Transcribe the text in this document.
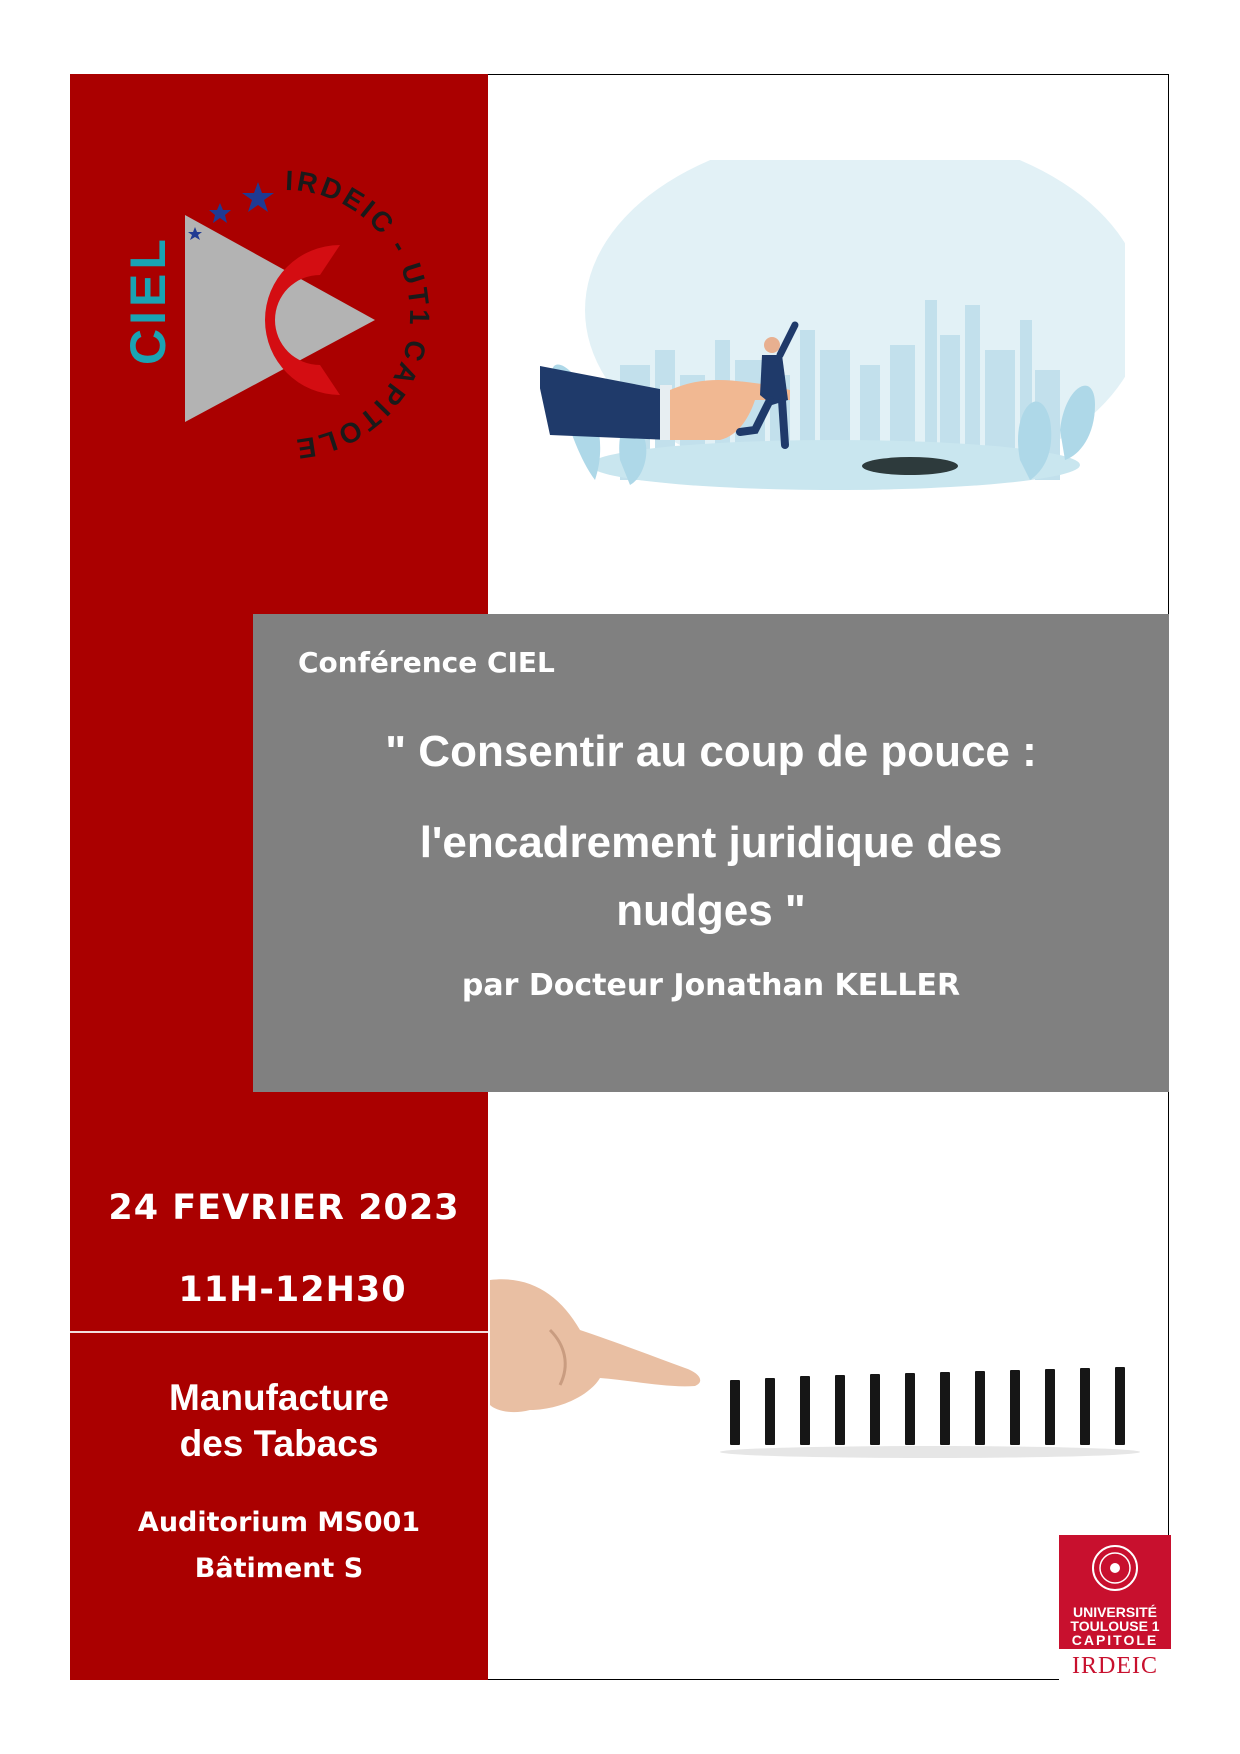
CIEL
IRDEIC - UT1 CAPITOLE
Conférence CIEL
" Consentir au coup de pouce :
l'encadrement juridique des
nudges "
par Docteur Jonathan KELLER
24 FEVRIER 2023
11H-12H30
Manufacture
des Tabacs
Auditorium MS001
Bâtiment S
UNIVERSITÉ
TOULOUSE 1
CAPITOLE
IRDEIC
